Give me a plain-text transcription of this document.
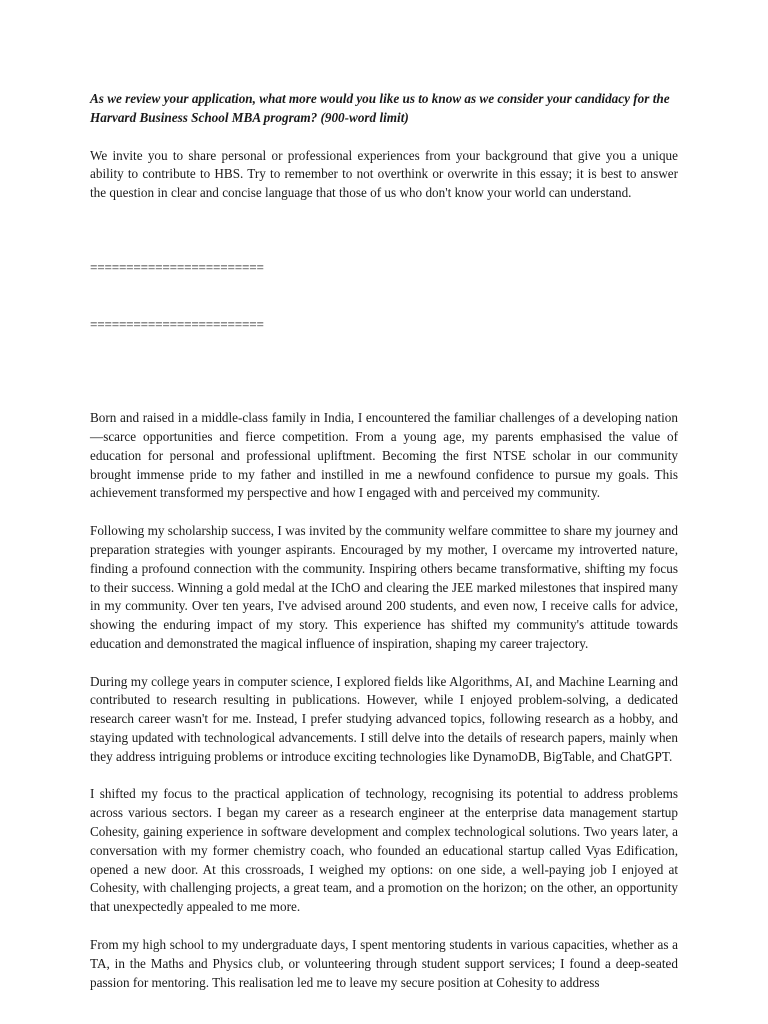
As we review your application, what more would you like us to know as we consider your candidacy for the Harvard Business School MBA program? (900-word limit)

We invite you to share personal or professional experiences from your background that give you a unique ability to contribute to HBS. Try to remember to not overthink or overwrite in this essay; it is best to answer the question in clear and concise language that those of us who don't know your world can understand.

========================

========================

Born and raised in a middle-class family in India, I encountered the familiar challenges of a developing nation—scarce opportunities and fierce competition. From a young age, my parents emphasised the value of education for personal and professional upliftment. Becoming the first NTSE scholar in our community brought immense pride to my father and instilled in me a newfound confidence to pursue my goals. This achievement transformed my perspective and how I engaged with and perceived my community.

Following my scholarship success, I was invited by the community welfare committee to share my journey and preparation strategies with younger aspirants. Encouraged by my mother, I overcame my introverted nature, finding a profound connection with the community. Inspiring others became transformative, shifting my focus to their success. Winning a gold medal at the IChO and clearing the JEE marked milestones that inspired many in my community. Over ten years, I've advised around 200 students, and even now, I receive calls for advice, showing the enduring impact of my story. This experience has shifted my community's attitude towards education and demonstrated the magical influence of inspiration, shaping my career trajectory.

During my college years in computer science, I explored fields like Algorithms, AI, and Machine Learning and contributed to research resulting in publications. However, while I enjoyed problem-solving, a dedicated research career wasn't for me. Instead, I prefer studying advanced topics, following research as a hobby, and staying updated with technological advancements. I still delve into the details of research papers, mainly when they address intriguing problems or introduce exciting technologies like DynamoDB, BigTable, and ChatGPT.

I shifted my focus to the practical application of technology, recognising its potential to address problems across various sectors. I began my career as a research engineer at the enterprise data management startup Cohesity, gaining experience in software development and complex technological solutions. Two years later, a conversation with my former chemistry coach, who founded an educational startup called Vyas Edification, opened a new door. At this crossroads, I weighed my options: on one side, a well-paying job I enjoyed at Cohesity, with challenging projects, a great team, and a promotion on the horizon; on the other, an opportunity that unexpectedly appealed to me more.

From my high school to my undergraduate days, I spent mentoring students in various capacities, whether as a TA, in the Maths and Physics club, or volunteering through student support services; I found a deep-seated passion for mentoring. This realisation led me to leave my secure position at Cohesity to address
